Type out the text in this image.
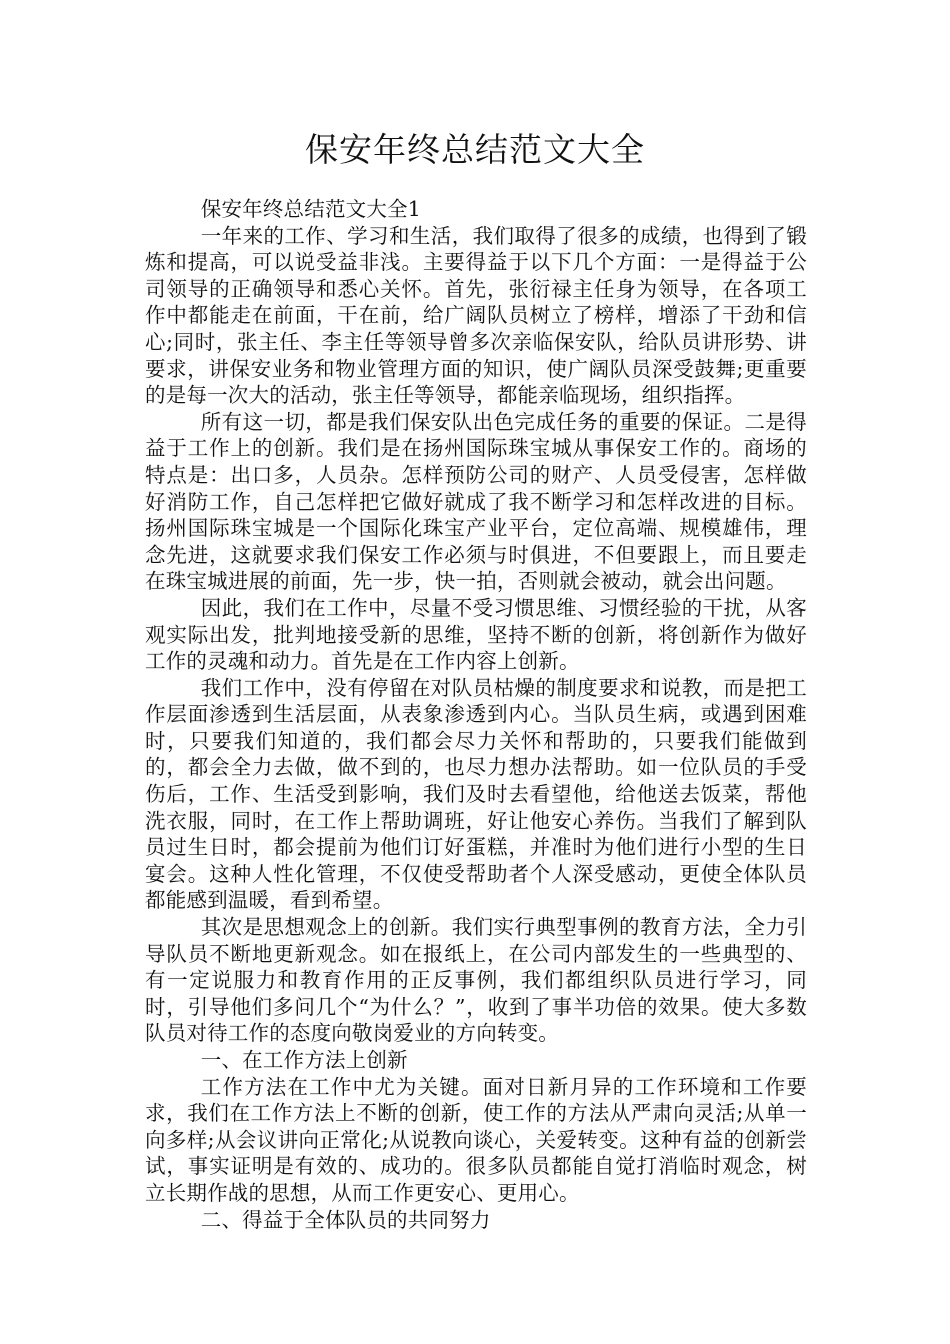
保安年终总结范文大全

保安年终总结范文大全1

一年来的工作、学习和生活，我们取得了很多的成绩，也得到了锻炼和提高，可以说受益非浅。主要得益于以下几个方面：一是得益于公司领导的正确领导和悉心关怀。首先，张衍禄主任身为领导，在各项工作中都能走在前面，干在前，给广阔队员树立了榜样，增添了干劲和信心;同时，张主任、李主任等领导曾多次亲临保安队，给队员讲形势、讲要求，讲保安业务和物业管理方面的知识，使广阔队员深受鼓舞;更重要的是每一次大的活动，张主任等领导，都能亲临现场，组织指挥。

所有这一切，都是我们保安队出色完成任务的重要的保证。二是得益于工作上的创新。我们是在扬州国际珠宝城从事保安工作的。商场的特点是：出口多，人员杂。怎样预防公司的财产、人员受侵害，怎样做好消防工作，自己怎样把它做好就成了我不断学习和怎样改进的目标。扬州国际珠宝城是一个国际化珠宝产业平台，定位高端、规模雄伟，理念先进，这就要求我们保安工作必须与时俱进，不但要跟上，而且要走在珠宝城进展的前面，先一步，快一拍，否则就会被动，就会出问题。

因此，我们在工作中，尽量不受习惯思维、习惯经验的干扰，从客观实际出发，批判地接受新的思维，坚持不断的创新，将创新作为做好工作的灵魂和动力。首先是在工作内容上创新。

我们工作中，没有停留在对队员枯燥的制度要求和说教，而是把工作层面渗透到生活层面，从表象渗透到内心。当队员生病，或遇到困难时，只要我们知道的，我们都会尽力关怀和帮助的，只要我们能做到的，都会全力去做，做不到的，也尽力想办法帮助。如一位队员的手受伤后，工作、生活受到影响，我们及时去看望他，给他送去饭菜，帮他洗衣服，同时，在工作上帮助调班，好让他安心养伤。当我们了解到队员过生日时，都会提前为他们订好蛋糕，并准时为他们进行小型的生日宴会。这种人性化管理，不仅使受帮助者个人深受感动，更使全体队员都能感到温暖，看到希望。

其次是思想观念上的创新。我们实行典型事例的教育方法，全力引导队员不断地更新观念。如在报纸上，在公司内部发生的一些典型的、有一定说服力和教育作用的正反事例，我们都组织队员进行学习，同时，引导他们多问几个“为什么？”，收到了事半功倍的效果。使大多数队员对待工作的态度向敬岗爱业的方向转变。

一、在工作方法上创新

工作方法在工作中尤为关键。面对日新月异的工作环境和工作要求，我们在工作方法上不断的创新，使工作的方法从严肃向灵活;从单一向多样;从会议讲向正常化;从说教向谈心，关爱转变。这种有益的创新尝试，事实证明是有效的、成功的。很多队员都能自觉打消临时观念，树立长期作战的思想，从而工作更安心、更用心。

二、得益于全体队员的共同努力
